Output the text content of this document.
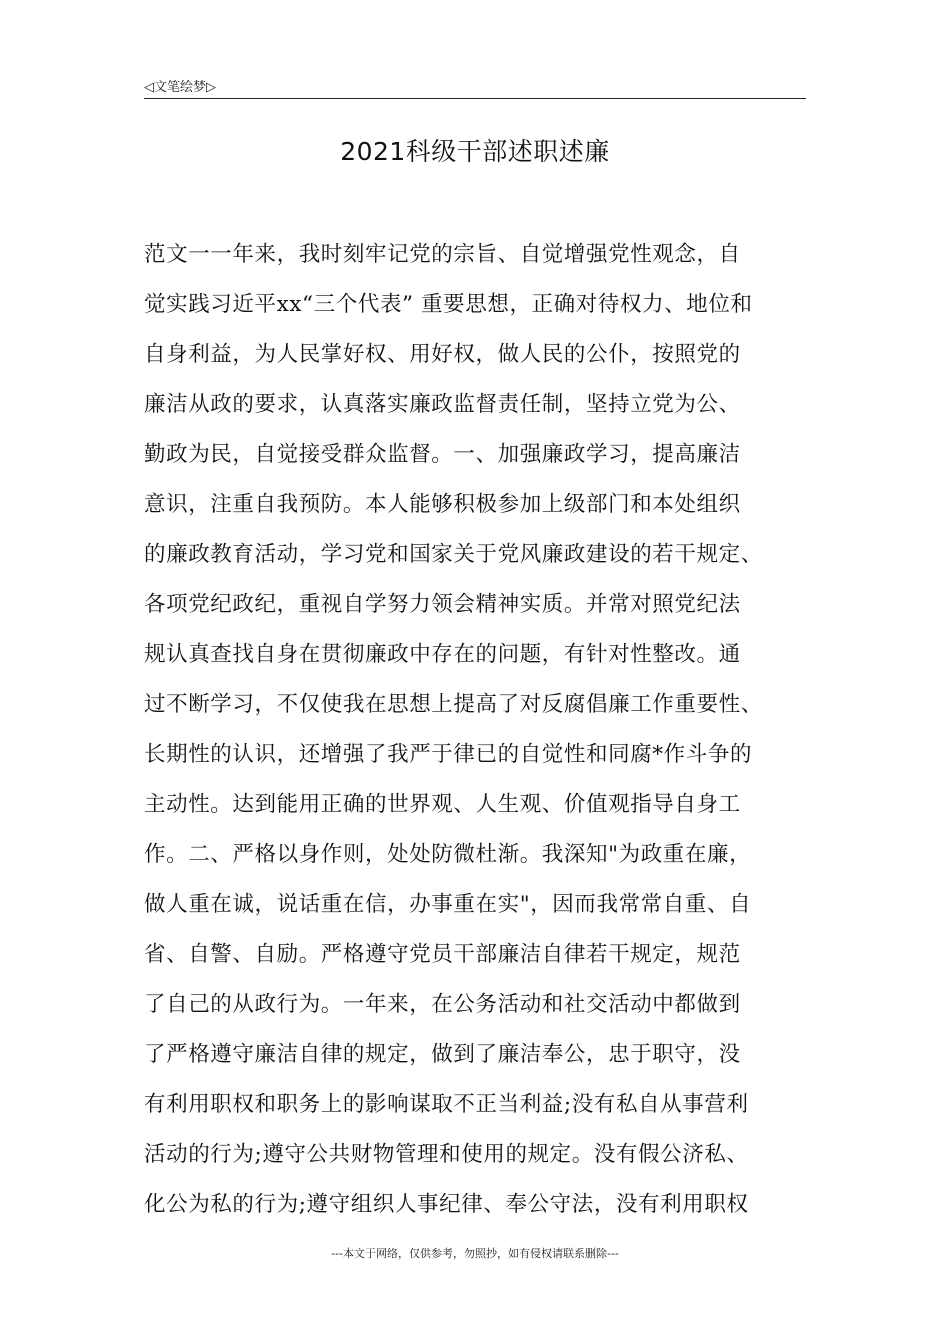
◁文笔绘梦▷
2021科级干部述职述廉
范文一一年来，我时刻牢记党的宗旨、自觉增强党性观念，自
觉实践习近平xx“三个代表” 重要思想，正确对待权力、地位和
自身利益，为人民掌好权、用好权，做人民的公仆，按照党的
廉洁从政的要求，认真落实廉政监督责任制，坚持立党为公、
勤政为民，自觉接受群众监督。一、加强廉政学习，提高廉洁
意识，注重自我预防。本人能够积极参加上级部门和本处组织
的廉政教育活动，学习党和国家关于党风廉政建设的若干规定、
各项党纪政纪，重视自学努力领会精神实质。并常对照党纪法
规认真查找自身在贯彻廉政中存在的问题，有针对性整改。通
过不断学习，不仅使我在思想上提高了对反腐倡廉工作重要性、
长期性的认识，还增强了我严于律已的自觉性和同腐*作斗争的
主动性。达到能用正确的世界观、人生观、价值观指导自身工
作。二、严格以身作则，处处防微杜渐。我深知"为政重在廉，
做人重在诚，说话重在信，办事重在实"，因而我常常自重、自
省、自警、自励。严格遵守党员干部廉洁自律若干规定，规范
了自己的从政行为。一年来，在公务活动和社交活动中都做到
了严格遵守廉洁自律的规定，做到了廉洁奉公，忠于职守，没
有利用职权和职务上的影响谋取不正当利益;没有私自从事营利
活动的行为;遵守公共财物管理和使用的规定。没有假公济私、
化公为私的行为;遵守组织人事纪律、奉公守法，没有利用职权
---本文于网络，仅供参考，勿照抄，如有侵权请联系删除---
